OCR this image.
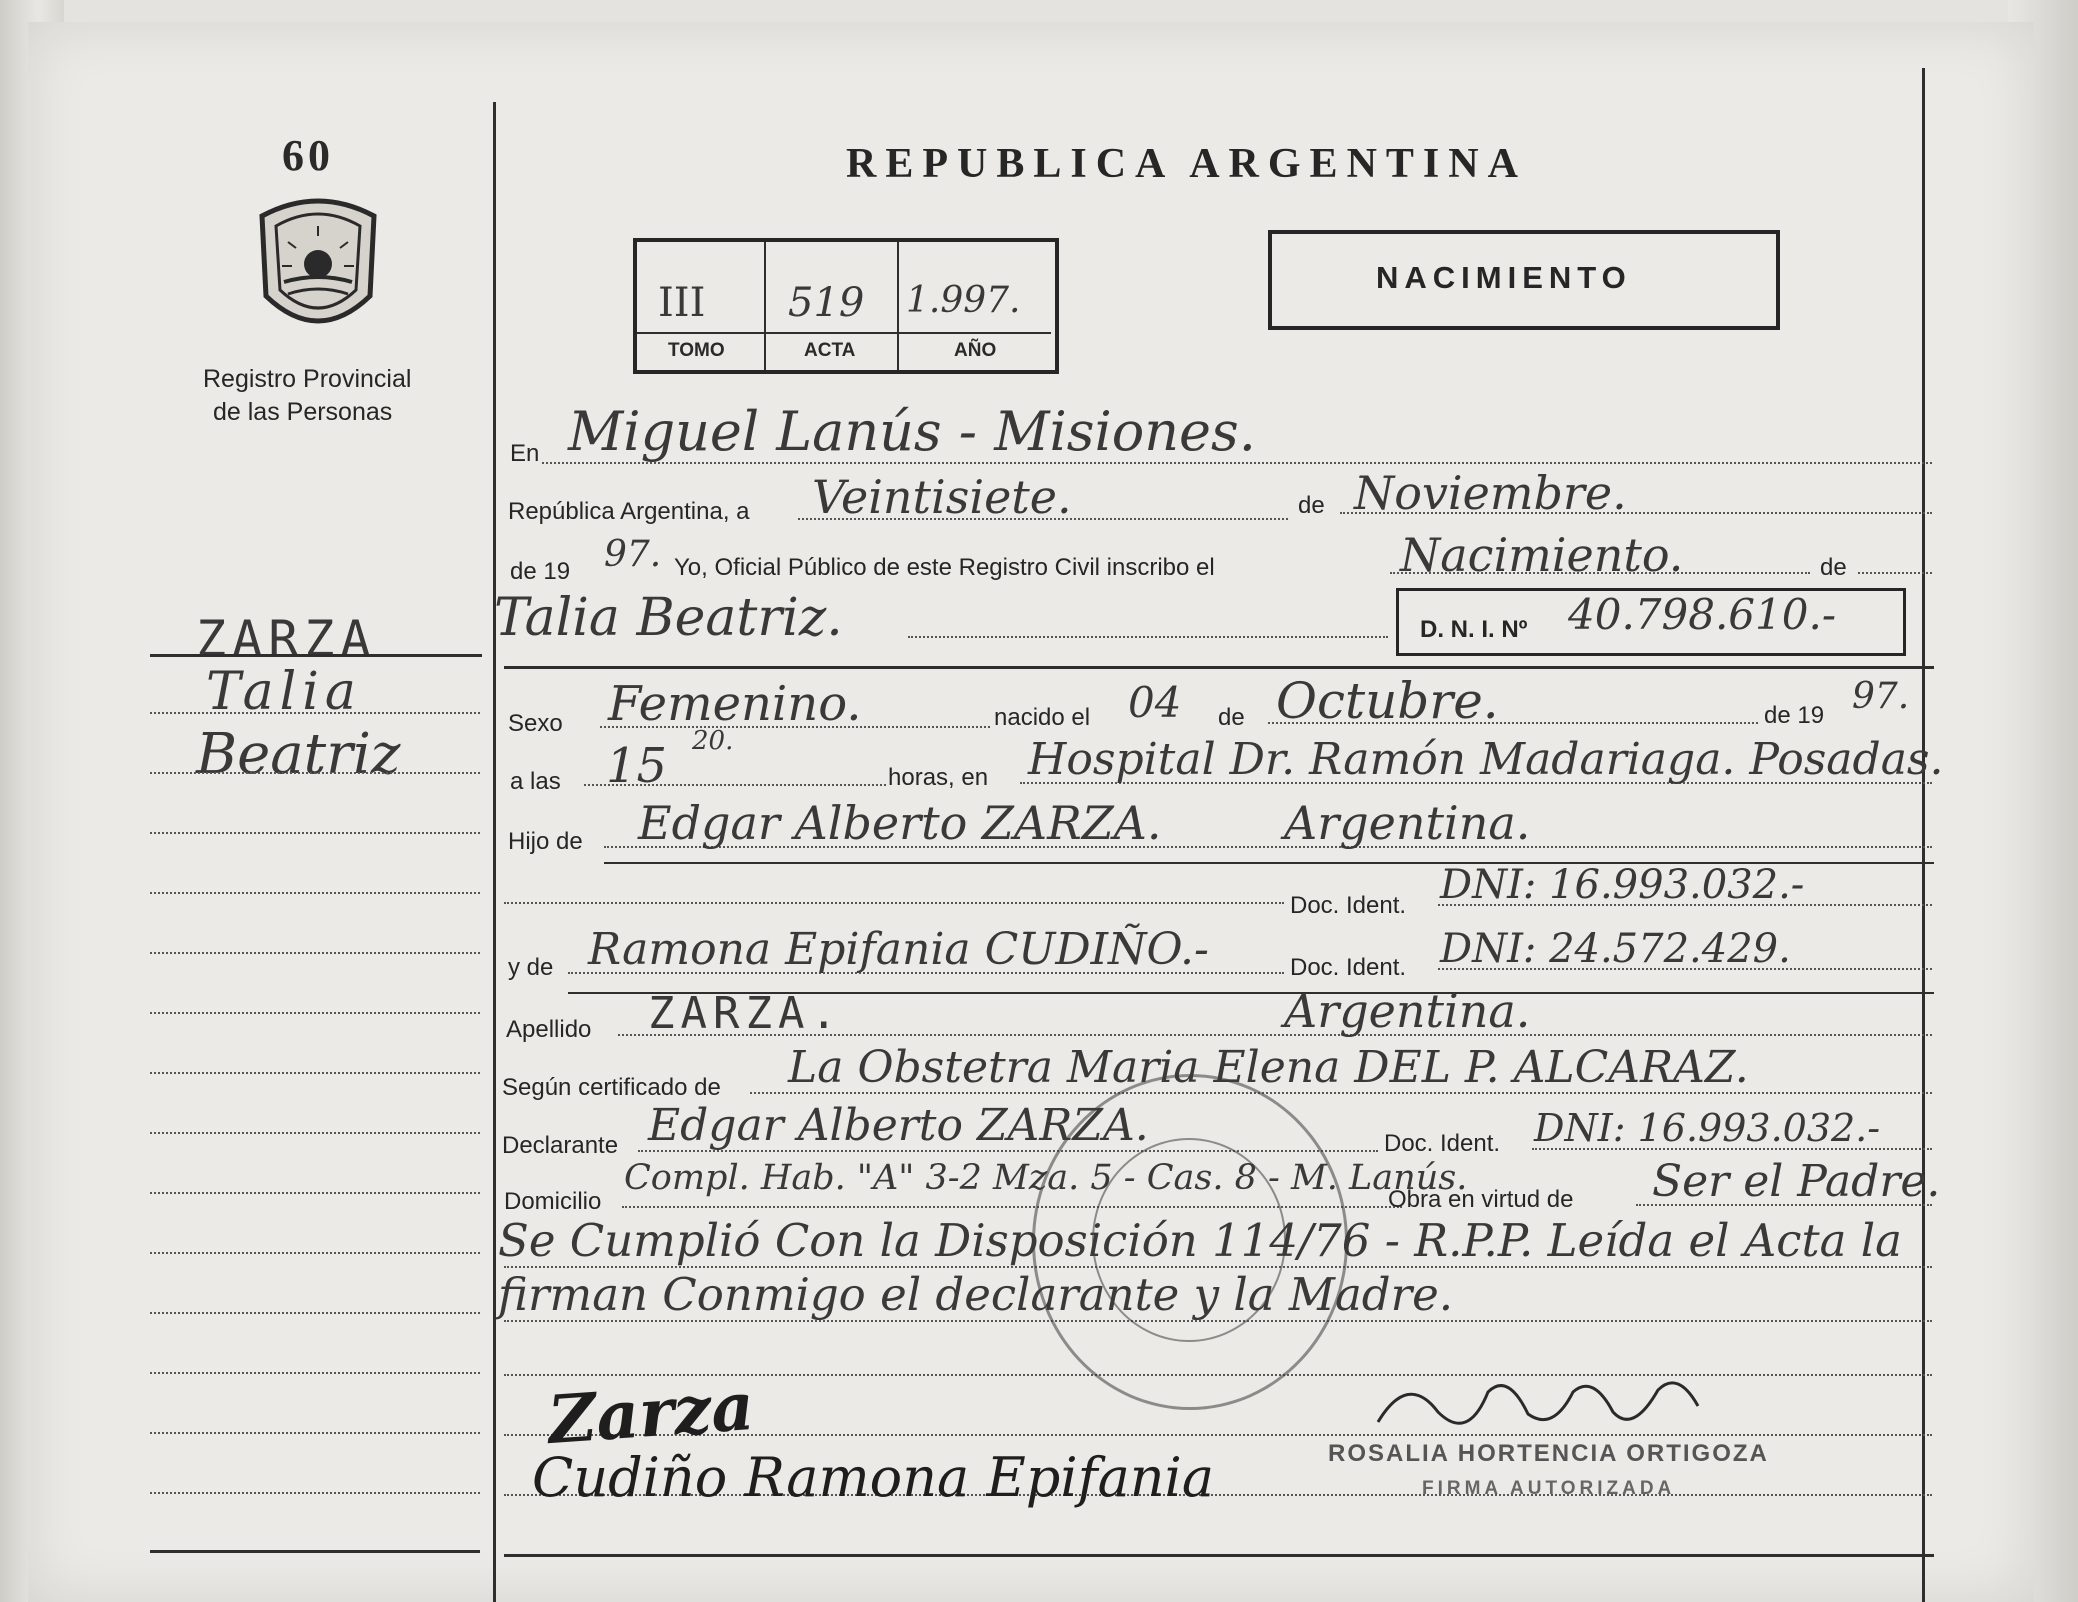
60
Registro Provincial
de las Personas
ZARZA
Talia
Beatriz
REPUBLICA ARGENTINA
III 519 1.997.
TOMO	ACTA	AÑO
NACIMIENTO
En Miguel Lanús - Misiones.
República Argentina, a Veintisiete.	de Noviembre.
de 19 97. Yo, Oficial Público de este Registro Civil inscribo el	Nacimiento.	de
Talia Beatriz.	D. N. I. Nº 40.798.610.-
Sexo Femenino.	nacido el 04 de Octubre.	de 19 97.
a las 15 20.
horas, en Hospital Dr. Ramón Madariaga. Posadas.
Hijo de Edgar Alberto ZARZA.	Argentina.
Doc. Ident. DNI: 16.993.032.-
y de Ramona Epifania CUDIÑO.-	Doc. Ident. DNI: 24.572.429.
Apellido ZARZA.	Argentina.
Según certificado de La Obstetra Maria Elena DEL P. ALCARAZ.
Declarante Edgar Alberto ZARZA.	Doc. Ident. DNI: 16.993.032.-
Domicilio
Compl. Hab. "A" 3-2 Mza. 5 - Cas. 8 - M. Lanús.
Obra en virtud de Ser el Padre.
Se Cumplió Con la Disposición 114/76 - R.P.P. Leída el Acta la
firman Conmigo el declarante y la Madre.
Zarza
Cudiño Ramona Epifania	ROSALIA HORTENCIA ORTIGOZA
FIRMA AUTORIZADA
